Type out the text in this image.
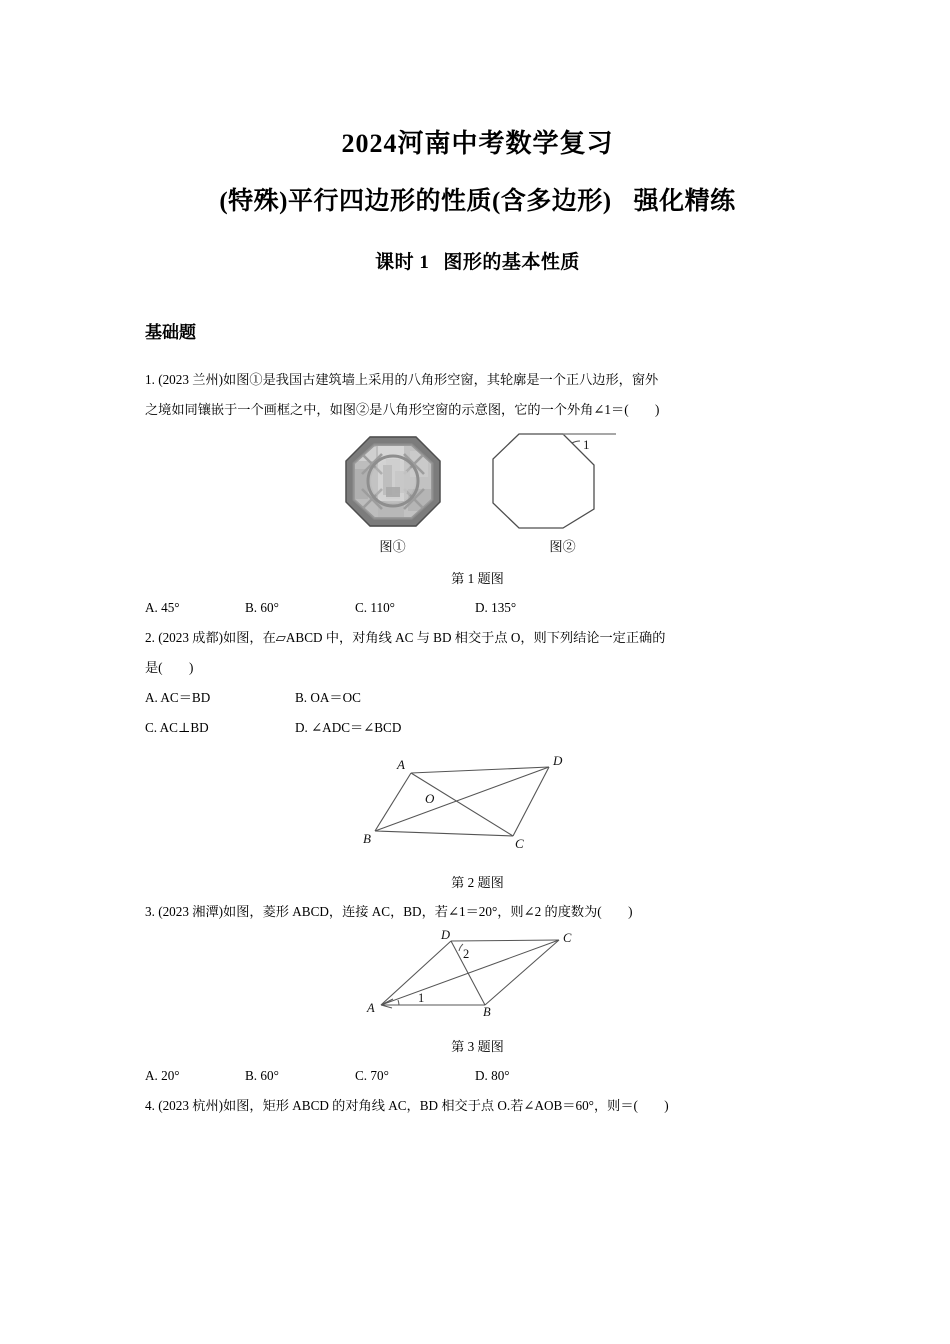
2024河南中考数学复习
(特殊)平行四边形的性质(含多边形) 强化精练
课时 1 图形的基本性质
基础题
1. (2023 兰州)如图①是我国古建筑墙上采用的八角形空窗，其轮廓是一个正八边形，窗外
之境如同镶嵌于一个画框之中，如图②是八角形空窗的示意图，它的一个外角∠1＝(　　)
1
图①	图②
第 1 题图
A. 45°	B. 60°	C. 110°	D. 135°
2. (2023 成都)如图，在▱ABCD 中，对角线 AC 与 BD 相交于点 O，则下列结论一定正确的
是(　　)
A. AC＝BD	B. OA＝OC
C. AC⊥BD	D. ∠ADC＝∠BCD
A	D
B	C
O
第 2 题图
3. (2023 湘潭)如图，菱形 ABCD，连接 AC，BD，若∠1＝20°，则∠2 的度数为(　　)
D	C
A	B
1
2
第 3 题图
A. 20°	B. 60°	C. 70°	D. 80°
4. (2023 杭州)如图，矩形 ABCD 的对角线 AC，BD 相交于点 O.若∠AOB＝60°，则＝(　　)
